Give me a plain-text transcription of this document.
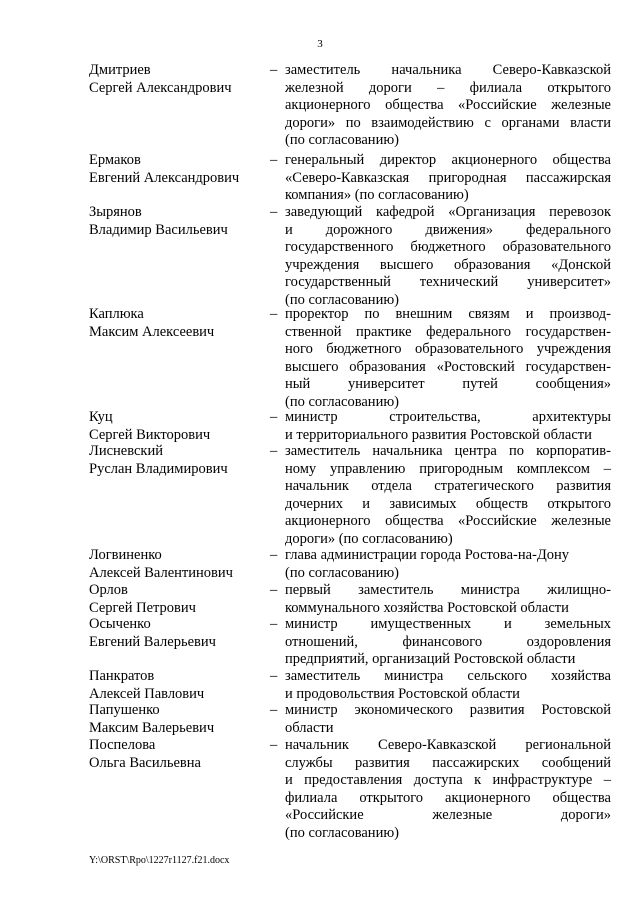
3
Дмитриев
Сергей Александрович
– заместитель начальника Северо-Кавказской
железной дороги – филиала открытого
акционерного общества «Российские железные
дороги» по взаимодействию с органами власти
(по согласованию)
Ермаков
Евгений Александрович
– генеральный директор акционерного общества
«Северо-Кавказская пригородная пассажирская
компания» (по согласованию)
Зырянов
Владимир Васильевич
– заведующий кафедрой «Организация перевозок
и дорожного движения» федерального
государственного бюджетного образовательного
учреждения высшего образования «Донской
государственный технический университет»
(по согласованию)
Каплюка
Максим Алексеевич
– проректор по внешним связям и производ-
ственной практике федерального государствен-
ного бюджетного образовательного учреждения
высшего образования «Ростовский государствен-
ный университет путей сообщения»
(по согласованию)
Куц
Сергей Викторович
– министр строительства, архитектуры
и территориального развития Ростовской области
Лисневский
Руслан Владимирович
– заместитель начальника центра по корпоратив-
ному управлению пригородным комплексом –
начальник отдела стратегического развития
дочерних и зависимых обществ открытого
акционерного общества «Российские железные
дороги» (по согласованию)
Логвиненко
Алексей Валентинович
– глава администрации города Ростова-на-Дону
(по согласованию)
Орлов
Сергей Петрович
– первый заместитель министра жилищно-
коммунального хозяйства Ростовской области
Осыченко
Евгений Валерьевич
– министр имущественных и земельных
отношений, финансового оздоровления
предприятий, организаций Ростовской области
Панкратов
Алексей Павлович
– заместитель министра сельского хозяйства
и продовольствия Ростовской области
Папушенко
Максим Валерьевич
– министр экономического развития Ростовской
области
Поспелова
Ольга Васильевна
– начальник Северо-Кавказской региональной
службы развития пассажирских сообщений
и предоставления доступа к инфраструктуре –
филиала открытого акционерного общества
«Российские железные дороги»
(по согласованию)
Y:\ORST\Rpo\1227r1127.f21.docx
